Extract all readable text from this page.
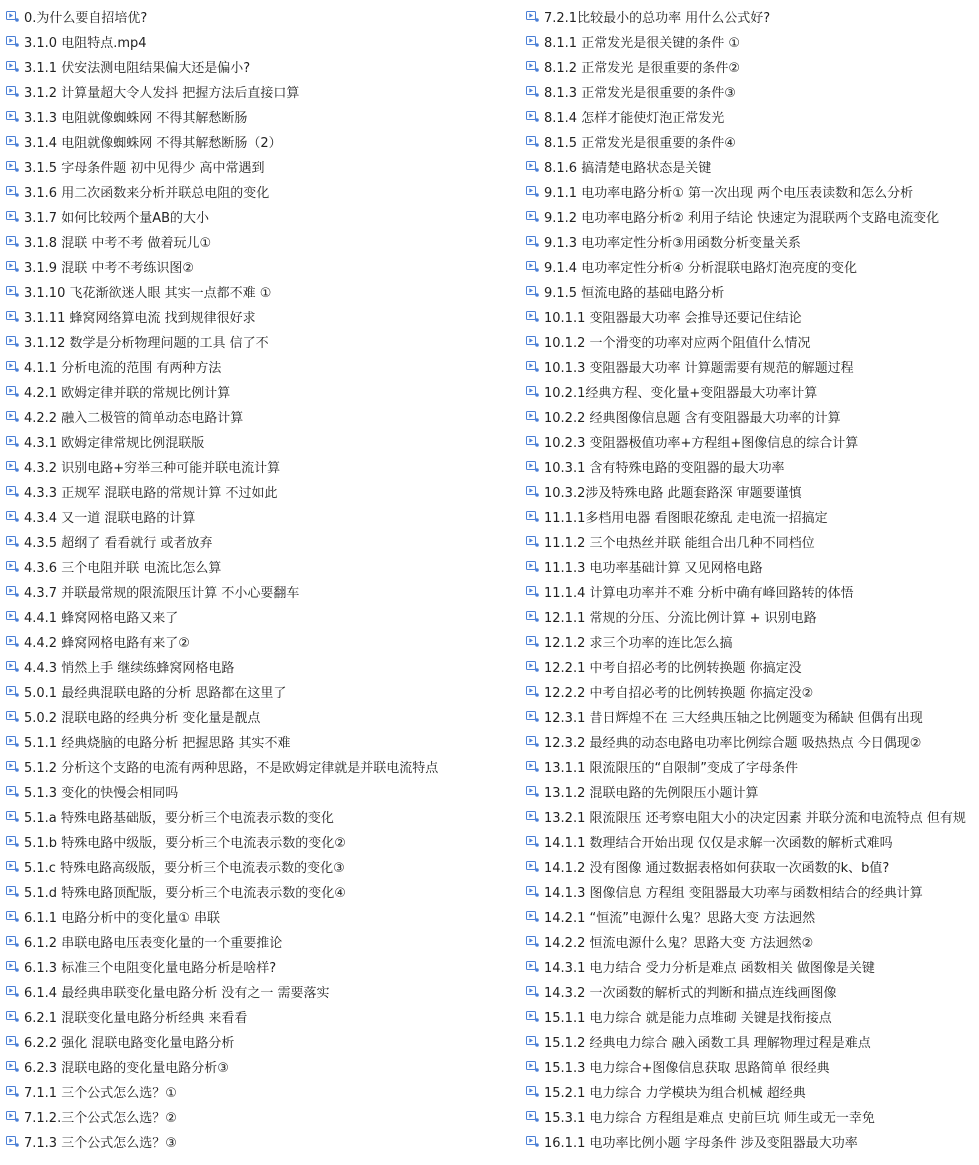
0.为什么要自招培优?
3.1.0 电阻特点.mp4
3.1.1 伏安法测电阻结果偏大还是偏小?
3.1.2 计算量超大令人发抖 把握方法后直接口算
3.1.3 电阻就像蜘蛛网 不得其解愁断肠
3.1.4 电阻就像蜘蛛网 不得其解愁断肠（2）
3.1.5 字母条件题 初中见得少 高中常遇到
3.1.6 用二次函数来分析并联总电阻的变化
3.1.7 如何比较两个量AB的大小
3.1.8 混联 中考不考 做着玩儿①
3.1.9 混联 中考不考练识图②
3.1.10 飞花渐欲迷人眼 其实一点都不难 ①
3.1.11 蜂窝网络算电流 找到规律很好求
3.1.12 数学是分析物理问题的工具 信了不
4.1.1 分析电流的范围 有两种方法
4.2.1 欧姆定律并联的常规比例计算
4.2.2 融入二极管的简单动态电路计算
4.3.1 欧姆定律常规比例混联版
4.3.2 识别电路+穷举三种可能并联电流计算
4.3.3 正规军 混联电路的常规计算 不过如此
4.3.4 又一道 混联电路的计算
4.3.5 超纲了 看看就行 或者放弃
4.3.6 三个电阻并联 电流比怎么算
4.3.7 并联最常规的限流限压计算 不小心要翻车
4.4.1 蜂窝网格电路又来了
4.4.2 蜂窝网格电路有来了②
4.4.3 悄然上手 继续练蜂窝网格电路
5.0.1 最经典混联电路的分析 思路都在这里了
5.0.2 混联电路的经典分析 变化量是靓点
5.1.1 经典烧脑的电路分析 把握思路 其实不难
5.1.2 分析这个支路的电流有两种思路，不是欧姆定律就是并联电流特点
5.1.3 变化的快慢会相同吗
5.1.a 特殊电路基础版，要分析三个电流表示数的变化
5.1.b 特殊电路中级版，要分析三个电流表示数的变化②
5.1.c 特殊电路高级版，要分析三个电流表示数的变化③
5.1.d 特殊电路顶配版，要分析三个电流表示数的变化④
6.1.1 电路分析中的变化量① 串联
6.1.2 串联电路电压表变化量的一个重要推论
6.1.3 标准三个电阻变化量电路分析是啥样?
6.1.4 最经典串联变化量电路分析 没有之一 需要落实
6.2.1 混联变化量电路分析经典 来看看
6.2.2 强化 混联电路变化量电路分析
6.2.3 混联电路的变化量电路分析③
7.1.1 三个公式怎么选？①
7.1.2.三个公式怎么选？②
7.1.3 三个公式怎么选？③
7.2.1比较最小的总功率 用什么公式好?
8.1.1 正常发光是很关键的条件 ①
8.1.2 正常发光 是很重要的条件②
8.1.3 正常发光是很重要的条件③
8.1.4 怎样才能使灯泡正常发光
8.1.5 正常发光是很重要的条件④
8.1.6 搞清楚电路状态是关键
9.1.1 电功率电路分析① 第一次出现 两个电压表读数和怎么分析
9.1.2 电功率电路分析② 利用子结论 快速定为混联两个支路电流变化
9.1.3 电功率定性分析③用函数分析变量关系
9.1.4 电功率定性分析④ 分析混联电路灯泡亮度的变化
9.1.5 恒流电路的基础电路分析
10.1.1 变阻器最大功率 会推导还要记住结论
10.1.2 一个滑变的功率对应两个阻值什么情况
10.1.3 变阻器最大功率 计算题需要有规范的解题过程
10.2.1经典方程、变化量+变阻器最大功率计算
10.2.2 经典图像信息题 含有变阻器最大功率的计算
10.2.3 变阻器极值功率+方程组+图像信息的综合计算
10.3.1 含有特殊电路的变阻器的最大功率
10.3.2涉及特殊电路 此题套路深 审题要谨慎
11.1.1多档用电器 看图眼花缭乱 走电流一招搞定
11.1.2 三个电热丝并联 能组合出几种不同档位
11.1.3 电功率基础计算 又见网格电路
11.1.4 计算电功率并不难 分析中确有峰回路转的体悟
12.1.1 常规的分压、分流比例计算 + 识别电路
12.1.2 求三个功率的连比怎么搞
12.2.1 中考自招必考的比例转换题 你搞定没
12.2.2 中考自招必考的比例转换题 你搞定没②
12.3.1 昔日辉煌不在 三大经典压轴之比例题变为稀缺 但偶有出现
12.3.2 最经典的动态电路电功率比例综合题 吸热热点 今日偶现②
13.1.1 限流限压的“自限制”变成了字母条件
13.1.2 混联电路的先例限压小题计算
13.2.1 限流限压 还考察电阻大小的决定因素 并联分流和电流特点 但有规
14.1.1 数理结合开始出现 仅仅是求解一次函数的解析式难吗
14.1.2 没有图像 通过数据表格如何获取一次函数的k、b值?
14.1.3 图像信息 方程组 变阻器最大功率与函数相结合的经典计算
14.2.1 “恒流”电源什么鬼？思路大变 方法迥然
14.2.2 恒流电源什么鬼？思路大变 方法迥然②
14.3.1 电力结合 受力分析是难点 函数相关 做图像是关键
14.3.2 一次函数的解析式的判断和描点连线画图像
15.1.1 电力综合 就是能力点堆砌 关键是找衔接点
15.1.2 经典电力综合 融入函数工具 理解物理过程是难点
15.1.3 电力综合+图像信息获取 思路简单 很经典
15.2.1 电力综合 力学模块为组合机械 超经典
15.3.1 电力综合 方程组是难点 史前巨坑 师生或无一幸免
16.1.1 电功率比例小题 字母条件 涉及变阻器最大功率
